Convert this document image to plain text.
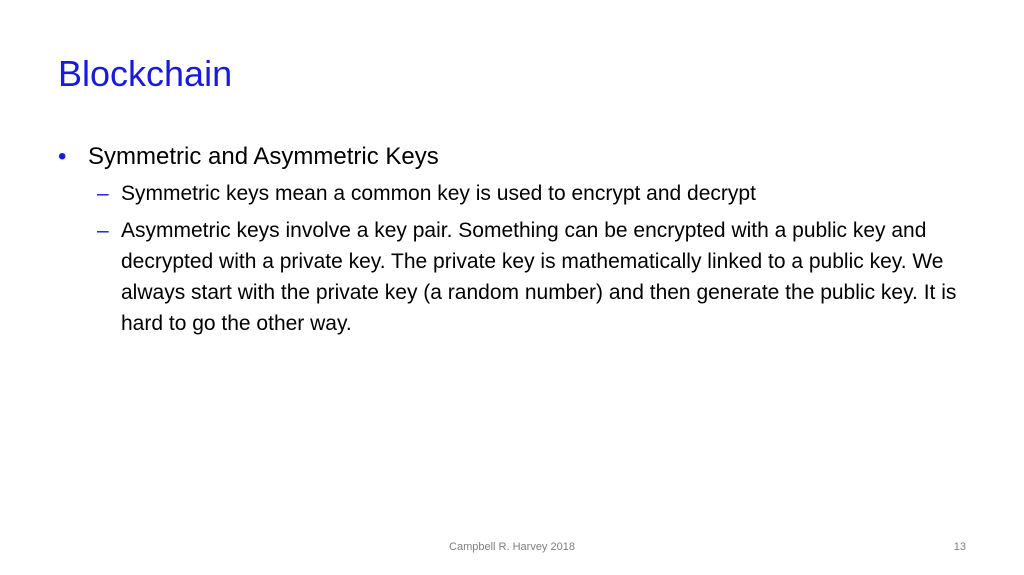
Blockchain
• Symmetric and Asymmetric Keys
– Symmetric keys mean a common key is used to encrypt and decrypt
– Asymmetric keys involve a key pair. Something can be encrypted with a public key and decrypted with a private key. The private key is mathematically linked to a public key. We always start with the private key (a random number) and then generate the public key. It is hard to go the other way.
Campbell R. Harvey 2018	13
